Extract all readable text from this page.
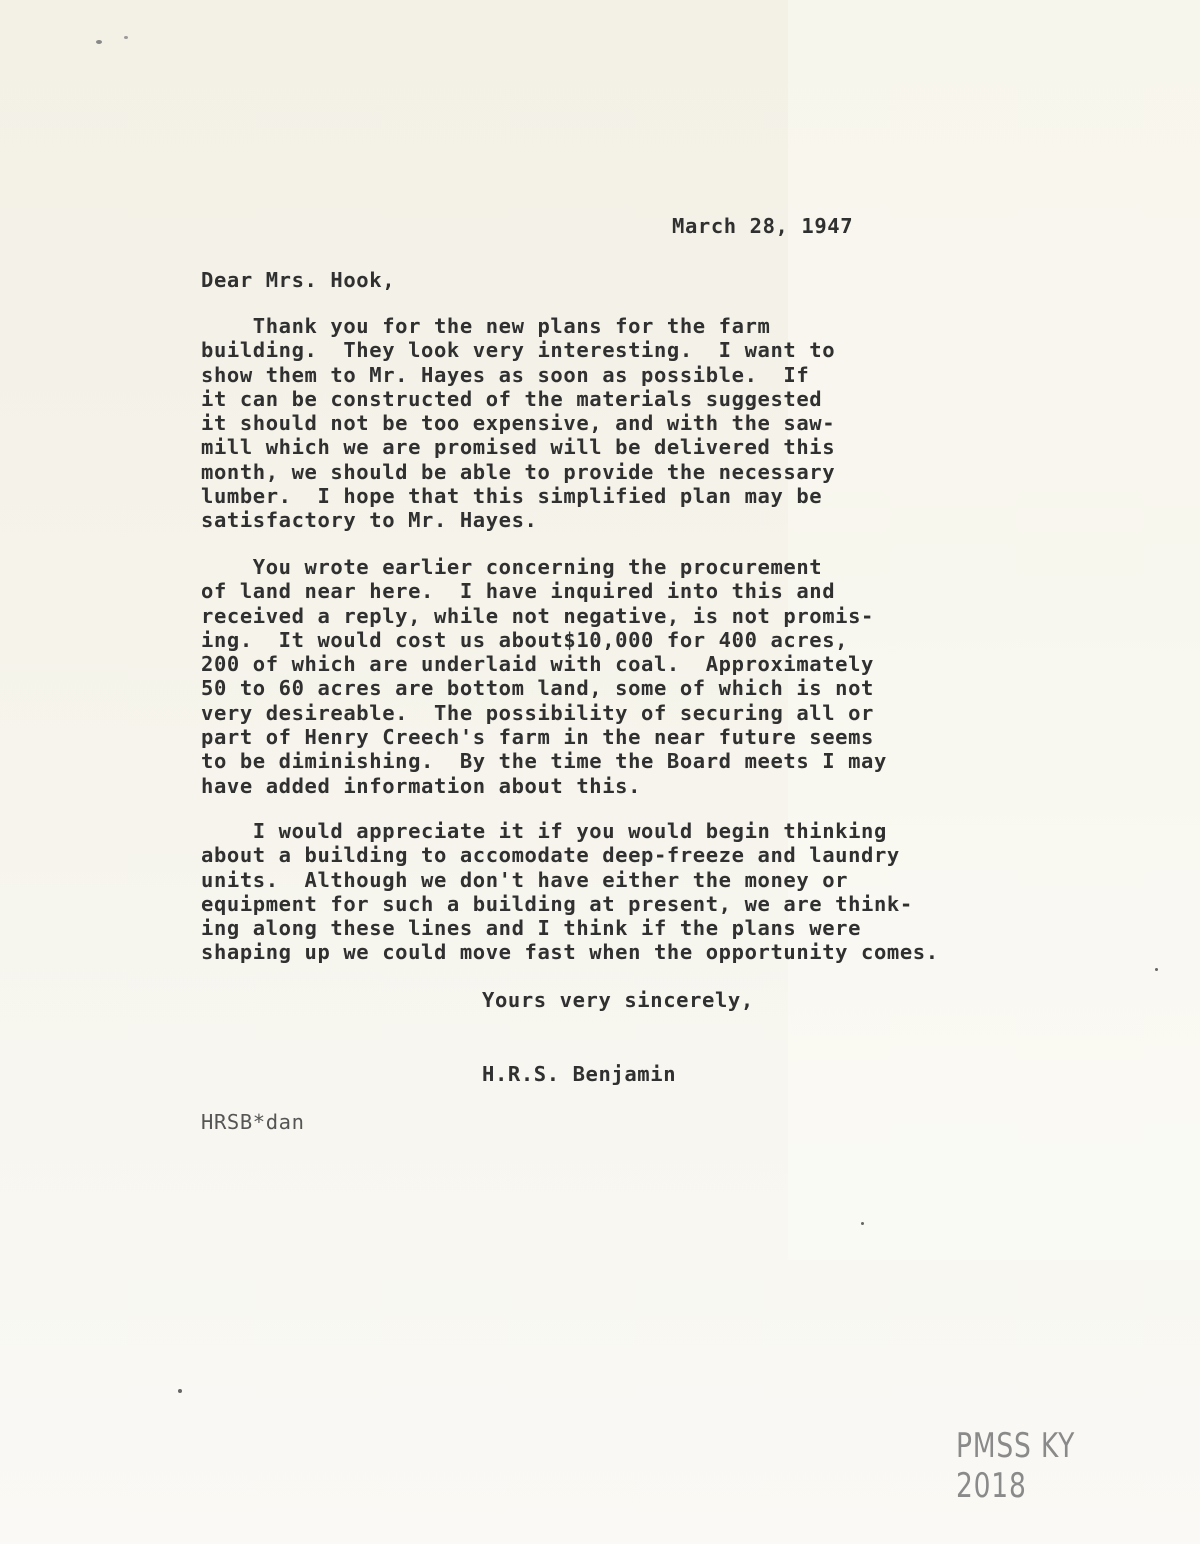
March 28, 1947
Dear Mrs. Hook,
Thank you for the new plans for the farm
building.  They look very interesting.  I want to
show them to Mr. Hayes as soon as possible.  If
it can be constructed of the materials suggested
it should not be too expensive, and with the saw-
mill which we are promised will be delivered this
month, we should be able to provide the necessary
lumber.  I hope that this simplified plan may be
satisfactory to Mr. Hayes.
You wrote earlier concerning the procurement
of land near here.  I have inquired into this and
received a reply, while not negative, is not promis-
ing.  It would cost us about$10,000 for 400 acres,
200 of which are underlaid with coal.  Approximately
50 to 60 acres are bottom land, some of which is not
very desireable.  The possibility of securing all or
part of Henry Creech's farm in the near future seems
to be diminishing.  By the time the Board meets I may
have added information about this.
I would appreciate it if you would begin thinking
about a building to accomodate deep-freeze and laundry
units.  Although we don't have either the money or
equipment for such a building at present, we are think-
ing along these lines and I think if the plans were
shaping up we could move fast when the opportunity comes.
Yours very sincerely,
H.R.S. Benjamin
HRSB*dan
PMSS KY 2018
